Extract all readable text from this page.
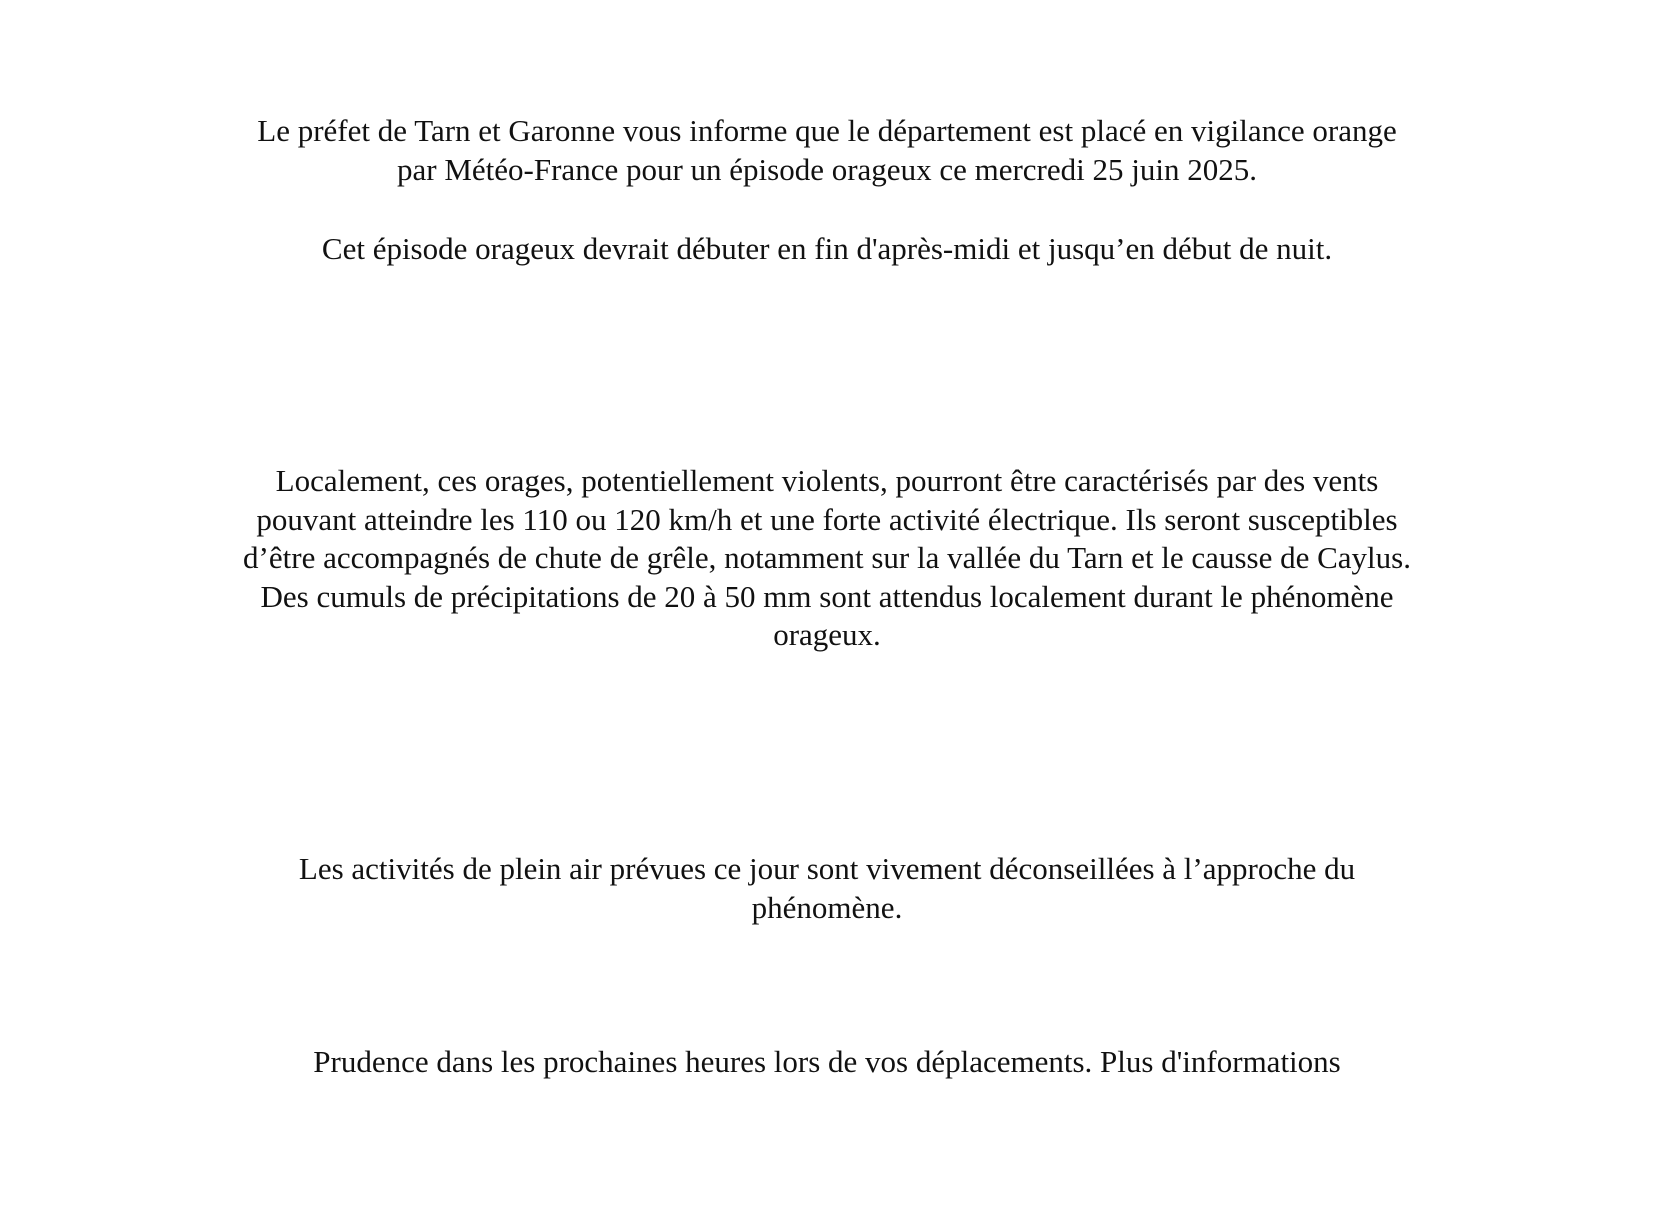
Le préfet de Tarn et Garonne vous informe que le département est placé en vigilance orange
par Météo-France pour un épisode orageux ce mercredi 25 juin 2025.
Cet épisode orageux devrait débuter en fin d'après-midi et jusqu’en début de nuit.
Localement, ces orages, potentiellement violents, pourront être caractérisés par des vents
pouvant atteindre les 110 ou 120 km/h et une forte activité électrique. Ils seront susceptibles
d’être accompagnés de chute de grêle, notamment sur la vallée du Tarn et le causse de Caylus.
Des cumuls de précipitations de 20 à 50 mm sont attendus localement durant le phénomène
orageux.
Les activités de plein air prévues ce jour sont vivement déconseillées à l’approche du
phénomène.
Prudence dans les prochaines heures lors de vos déplacements. Plus d'informations
